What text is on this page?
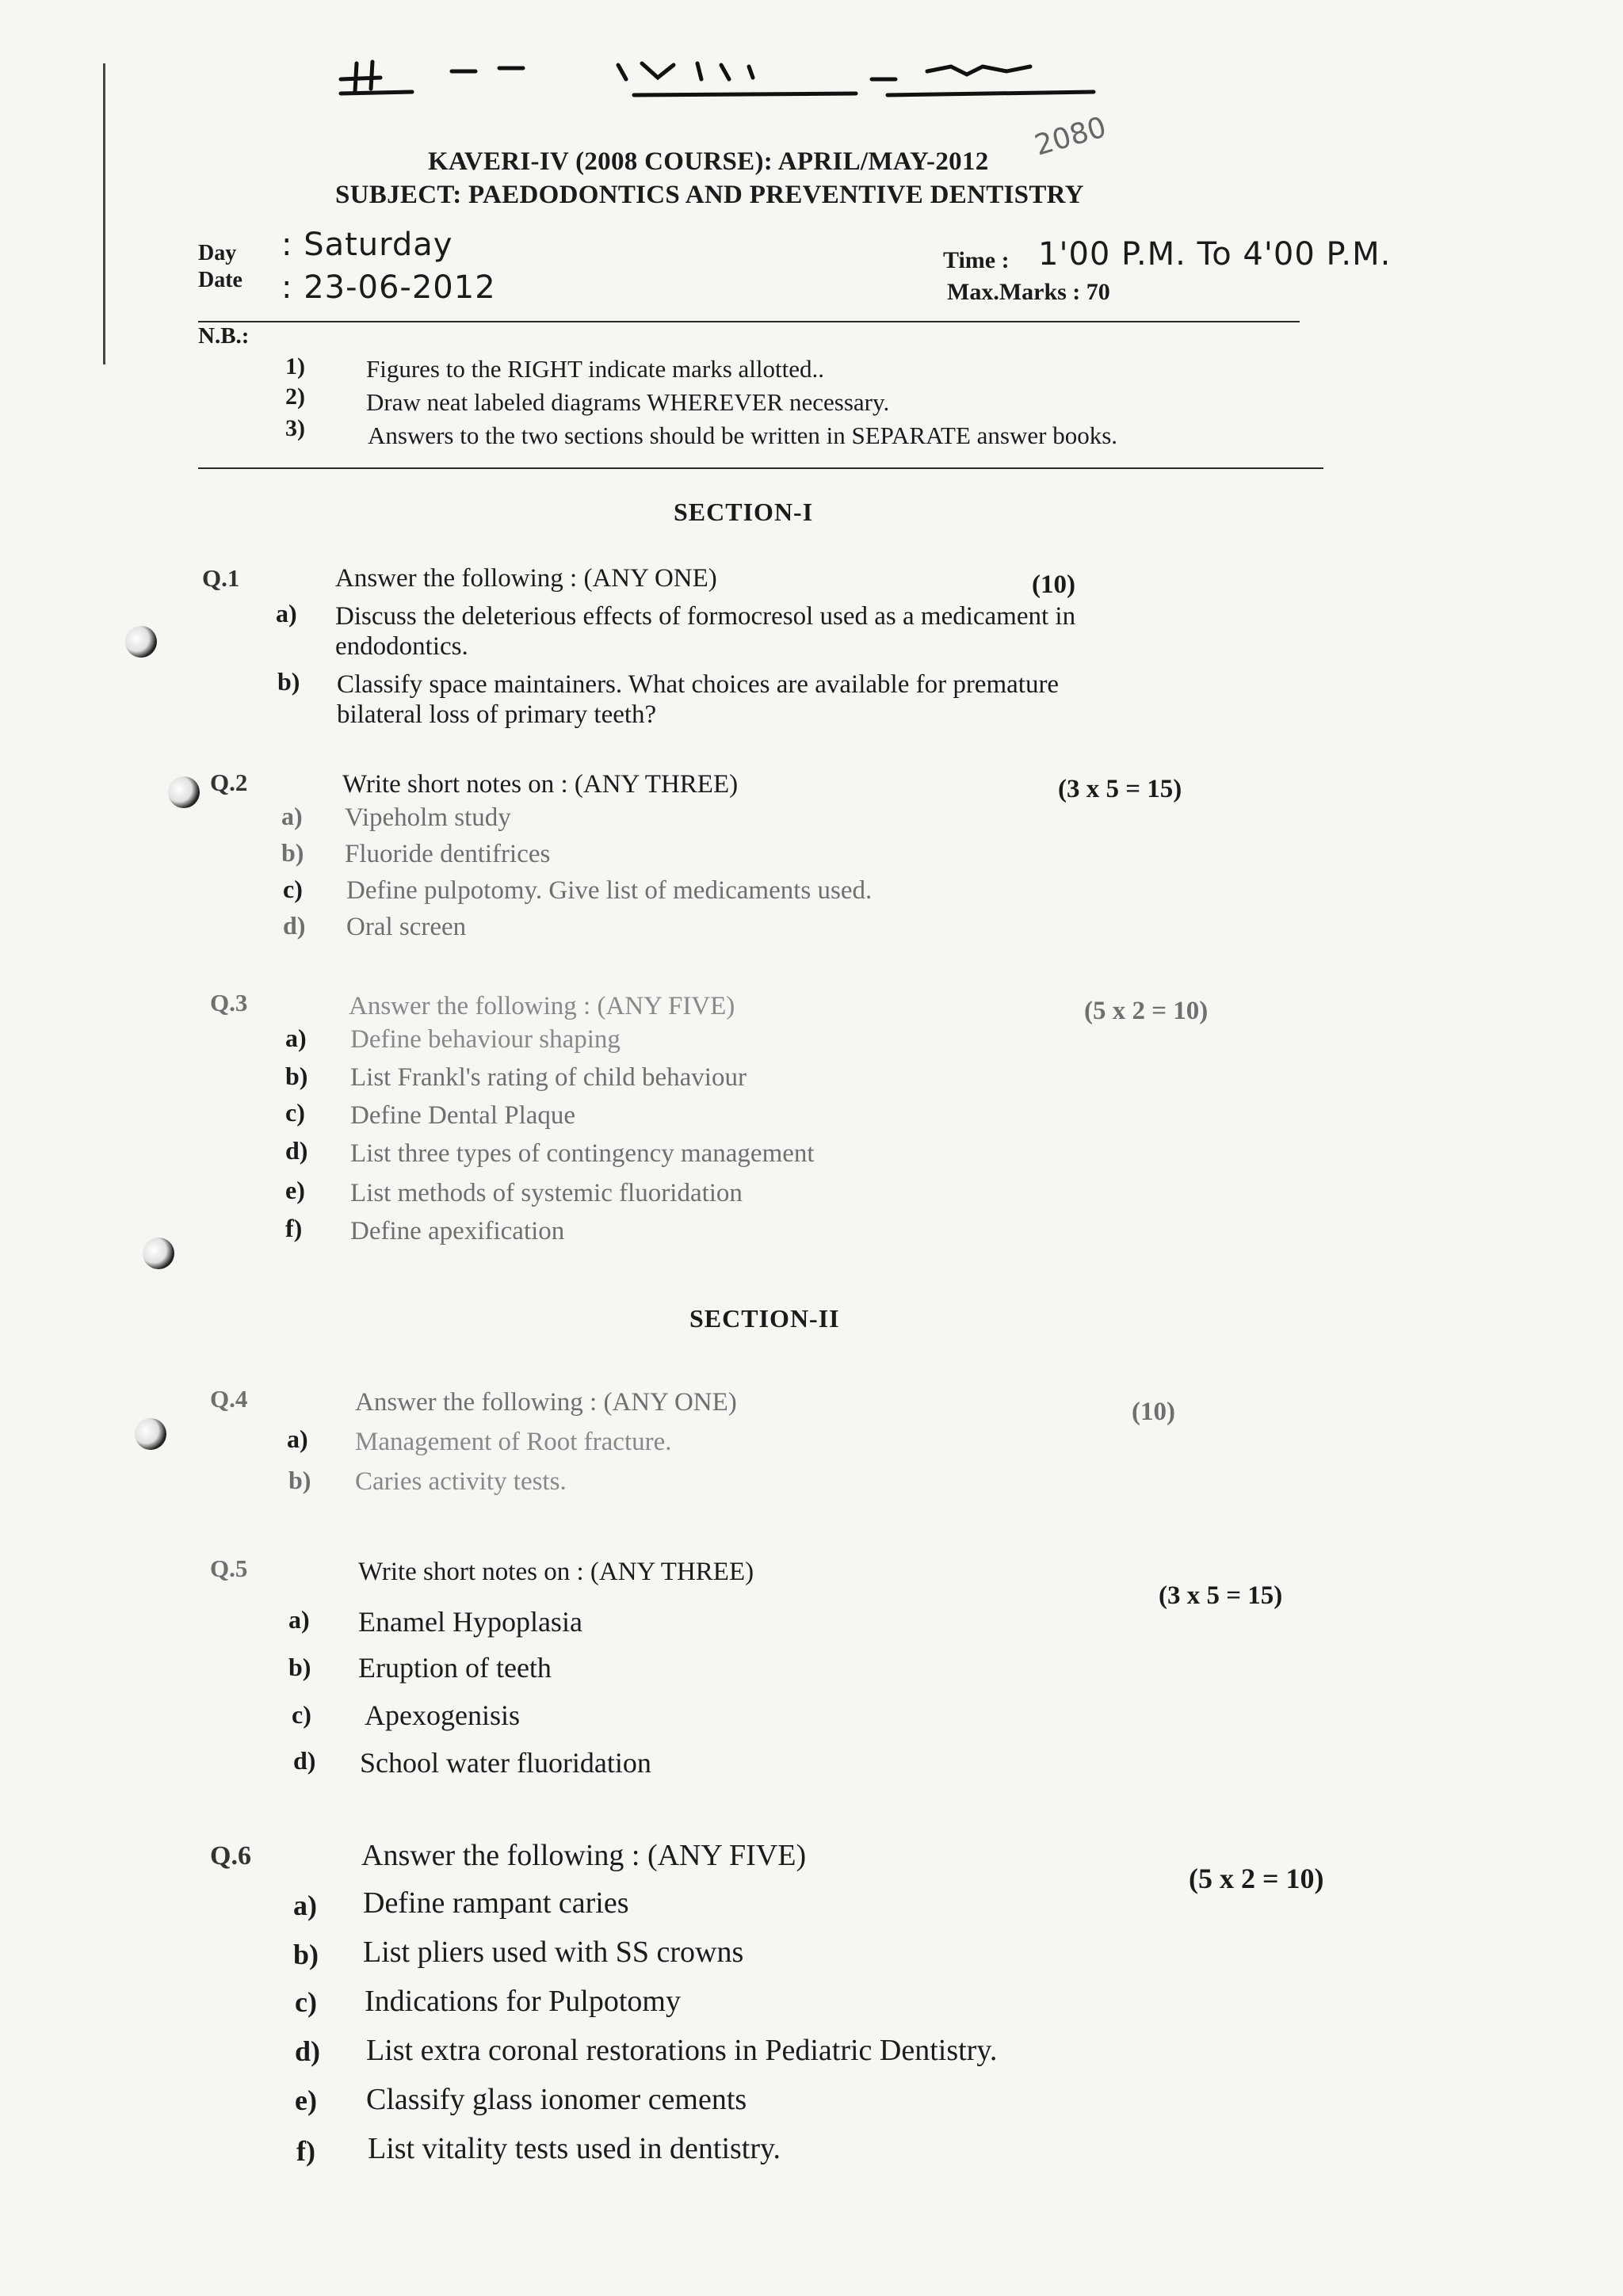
KAVERI-IV (2008 COURSE): APRIL/MAY-2012
SUBJECT: PAEDODONTICS AND PREVENTIVE DENTISTRY
2080
Day : Saturday
Date : 23-06-2012
Time : 1'00 P.M. To 4'00 P.M.
Max.Marks : 70
N.B.:
1) Figures to the RIGHT indicate marks allotted..
2) Draw neat labeled diagrams WHEREVER necessary.
3)	Answers to the two sections should be written in SEPARATE answer books.
SECTION-I
Q.1	Answer the following : (ANY ONE)	(10)
a) Discuss the deleterious effects of formocresol used as a medicament in
endodontics.
b) Classify space maintainers. What choices are available for premature
bilateral loss of primary teeth?
Q.2	Write short notes on : (ANY THREE)	(3 x 5 = 15)
a) Vipeholm study
b) Fluoride dentifrices
c) Define pulpotomy. Give list of medicaments used.
d) Oral screen
Q.3	Answer the following : (ANY FIVE)	(5 x 2 = 10)
a) Define behaviour shaping
b) List Frankl's rating of child behaviour
c) Define Dental Plaque
d) List three types of contingency management
e) List methods of systemic fluoridation
f) Define apexification
SECTION-II
Q.4	Answer the following : (ANY ONE)	(10)
a) Management of Root fracture.
b) Caries activity tests.
Q.5	Write short notes on : (ANY THREE)
(3 x 5 = 15)
a) Enamel Hypoplasia
b) Eruption of teeth
c) Apexogenisis
d) School water fluoridation
Q.6	Answer the following : (ANY FIVE)
(5 x 2 = 10)
a) Define rampant caries
b) List pliers used with SS crowns
c) Indications for Pulpotomy
d) List extra coronal restorations in Pediatric Dentistry.
e) Classify glass ionomer cements
f) List vitality tests used in dentistry.
